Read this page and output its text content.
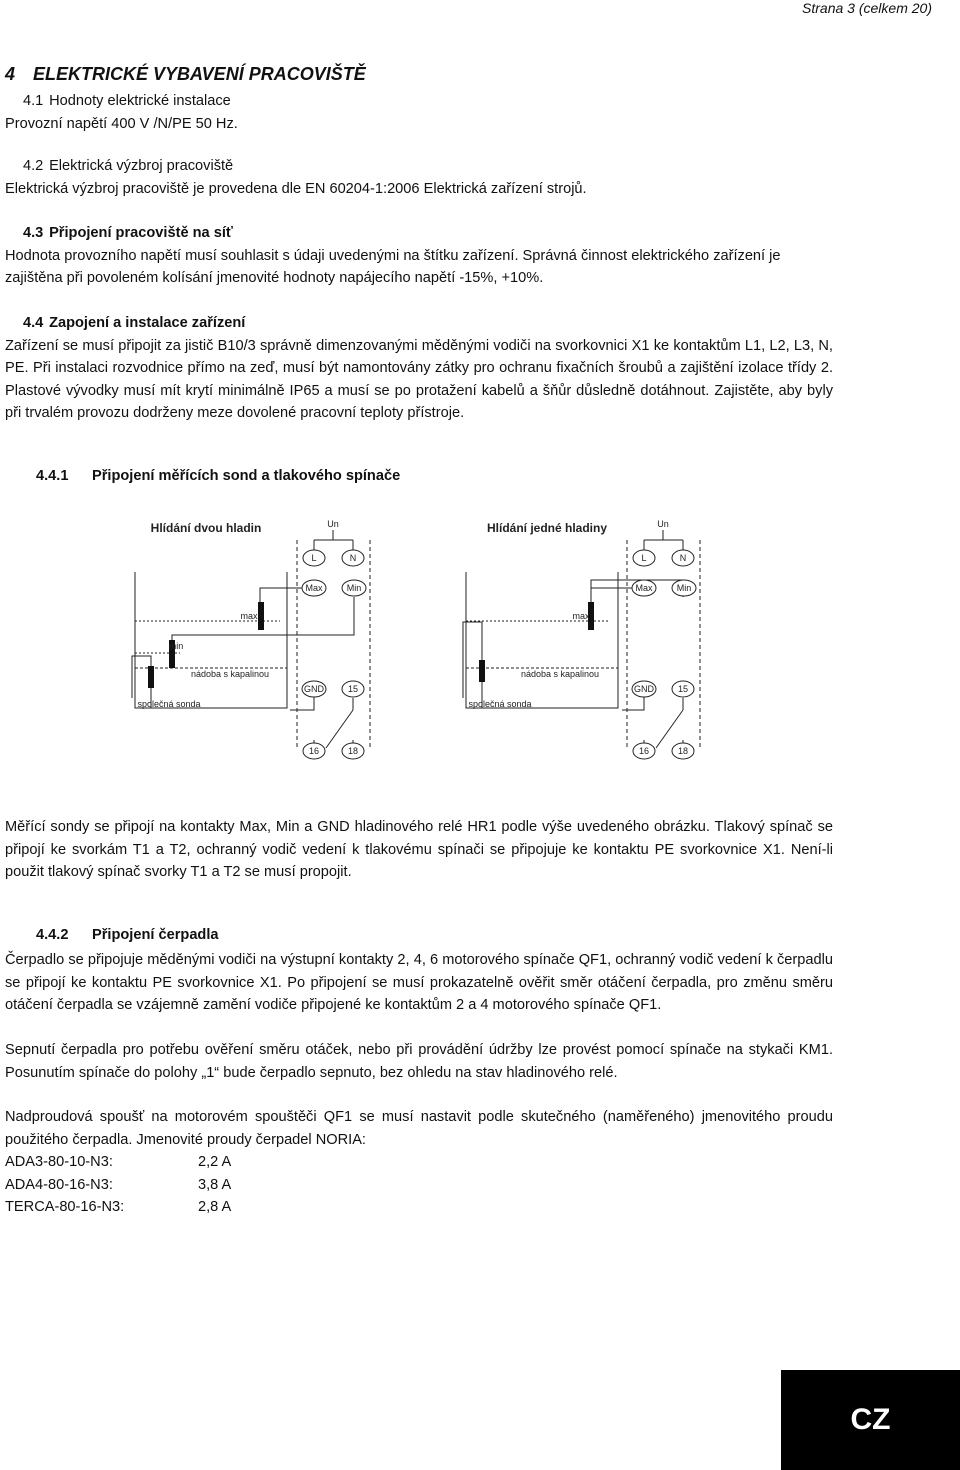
Strana 3 (celkem 20)
4 ELEKTRICKÉ VYBAVENÍ PRACOVIŠTĚ
4.1 Hodnoty elektrické instalace
Provozní napětí 400 V /N/PE 50 Hz.
4.2 Elektrická výzbroj pracoviště
Elektrická výzbroj pracoviště je provedena dle EN 60204-1:2006 Elektrická zařízení strojů.
4.3 Připojení pracoviště na síť
Hodnota provozního napětí musí souhlasit s údaji uvedenými na štítku zařízení. Správná činnost elektrického zařízení je zajištěna při povoleném kolísání jmenovité hodnoty napájecího napětí -15%, +10%.
4.4 Zapojení a instalace zařízení
Zařízení se musí připojit za jistič B10/3 správně dimenzovanými měděnými vodiči na svorkovnici X1 ke kontaktům L1, L2, L3, N, PE. Při instalaci rozvodnice přímo na zeď, musí být namontovány zátky pro ochranu fixačních šroubů a zajištění izolace třídy 2. Plastové vývodky musí mít krytí minimálně IP65 a musí se po protažení kabelů a šňůr důsledně dotáhnout. Zajistěte, aby byly při trvalém provozu dodrženy meze dovolené pracovní teploty přístroje.
4.4.1 Připojení měřících sond a tlakového spínače
Hlídání dvou hladin	Un
L	N
Max	Min
GND	15
16	18
max
min
nádoba s kapalinou
společná sonda
Hlídání jedné hladiny	Un
L	N
Max	Min
GND	15
16	18
max
nádoba s kapalinou
společná sonda
Měřící sondy se připojí na kontakty Max, Min a GND hladinového relé HR1 podle výše uvedeného obrázku. Tlakový spínač se připojí ke svorkám T1 a T2, ochranný vodič vedení k tlakovému spínači se připojuje ke kontaktu PE svorkovnice X1. Není-li použit tlakový spínač svorky T1 a T2 se musí propojit.
4.4.2 Připojení čerpadla
Čerpadlo se připojuje měděnými vodiči na výstupní kontakty 2, 4, 6 motorového spínače QF1, ochranný vodič vedení k čerpadlu se připojí ke kontaktu PE svorkovnice X1. Po připojení se musí prokazatelně ověřit směr otáčení čerpadla, pro změnu směru otáčení čerpadla se vzájemně zamění vodiče připojené ke kontaktům 2 a 4 motorového spínače QF1.
Sepnutí čerpadla pro potřebu ověření směru otáček, nebo při provádění údržby lze provést pomocí spínače na stykači KM1. Posunutím spínače do polohy „1“ bude čerpadlo sepnuto, bez ohledu na stav hladinového relé.
Nadproudová spoušť na motorovém spouštěči QF1 se musí nastavit podle skutečného (naměřeného) jmenovitého proudu použitého čerpadla. Jmenovité proudy čerpadel NORIA:
ADA3-80-10-N3:	2,2 A
ADA4-80-16-N3:	3,8 A
TERCA-80-16-N3:	2,8 A
CZ
